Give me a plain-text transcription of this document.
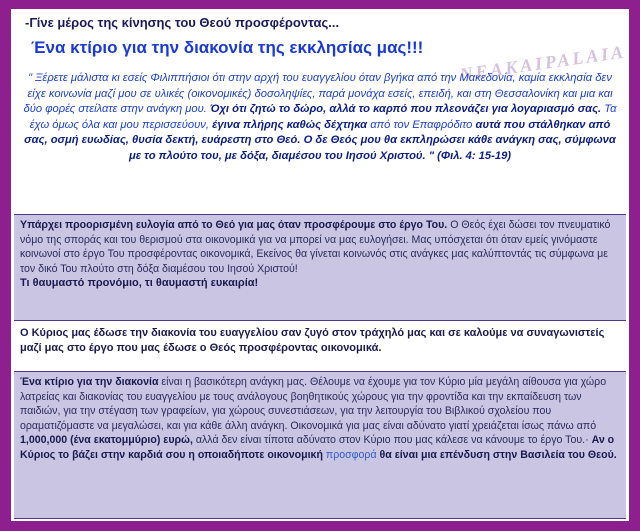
NEAKAIPALAIA
-Γίνε μέρος της κίνησης του Θεού προσφέροντας...
Ένα κτίριο για την διακονία της εκκλησίας μας!!!
" Ξέρετε μάλιστα κι εσείς Φιλιππήσιοι ότι στην αρχή του ευαγγελίου όταν βγήκα από την Μακεδονία, καμία εκκλησία δεν είχε κοινωνία μαζί μου σε υλικές (οικονομικές) δοσοληψίες, παρά μονάχα εσείς, επειδή, και στη Θεσσαλονίκη και μια και δύο φορές στείλατε στην ανάγκη μου. Όχι ότι ζητώ το δώρο, αλλά το καρπό που πλεονάζει για λογαριασμό σας. Τα έχω όμως όλα και μου περισσεύουν, έγινα πλήρης καθώς δέχτηκα από τον Επαφρόδιτο αυτά που στάλθηκαν από σας, οσμή ευωδίας, θυσία δεκτή, ευάρεστη στο Θεό. Ο δε Θεός μου θα εκπληρώσει κάθε ανάγκη σας, σύμφωνα με το πλούτο του, με δόξα, διαμέσου του Ιησού Χριστού. " (Φιλ. 4: 15-19)

Υπάρχει προορισμένη ευλογία από το Θεό για μας όταν προσφέρουμε στο έργο Του. Ο Θεός έχει δώσει τον πνευματικό νόμο της σποράς και του θερισμού στα οικονομικά για να μπορεί να μας ευλογήσει. Μας υπόσχεται ότι όταν εμείς γινόμαστε κοινωνοί στο έργο Του προσφέροντας οικονομικά, Εκείνος θα γίνεται κοινωνός στις ανάγκες μας καλύπτοντάς τις σύμφωνα με τον δικό Του πλούτο στη δόξα διαμέσου του Ιησού Χριστού!

Τι θαυμαστό προνόμιο, τι θαυμαστή ευκαιρία!

Ο Κύριος μας έδωσε την διακονία του ευαγγελίου σαν ζυγό στον τράχηλό μας και σε καλούμε να συναγωνιστείς μαζί μας στο έργο που μας έδωσε ο Θεός προσφέροντας οικονομικά.

Ένα κτίριο για την διακονία είναι η βασικότερη ανάγκη μας. Θέλουμε να έχουμε για τον Κύριο μία μεγάλη αίθουσα για χώρο λατρείας και διακονίας του ευαγγελίου με τους ανάλογους βοηθητικούς χώρους για την φροντίδα και την εκπαίδευση των παιδιών, για την στέγαση των γραφείων, για χώρους συνεστιάσεων, για την λειτουργία του Βιβλικού σχολείου που οραματιζόμαστε να μεγαλώσει, και για κάθε άλλη ανάγκη. Οικονομικά για μας είναι αδύνατο γιατί χρειάζεται ίσως πάνω από 1,000,000 (ένα εκατομμύριο) ευρώ, αλλά δεν είναι τίποτα αδύνατο στον Κύριο που μας κάλεσε να κάνουμε το έργο Του.· Αν ο Κύριος το βάζει στην καρδιά σου η οποιαδήποτε οικονομική προσφορά θα είναι μια επένδυση στην Βασιλεία του Θεού.
